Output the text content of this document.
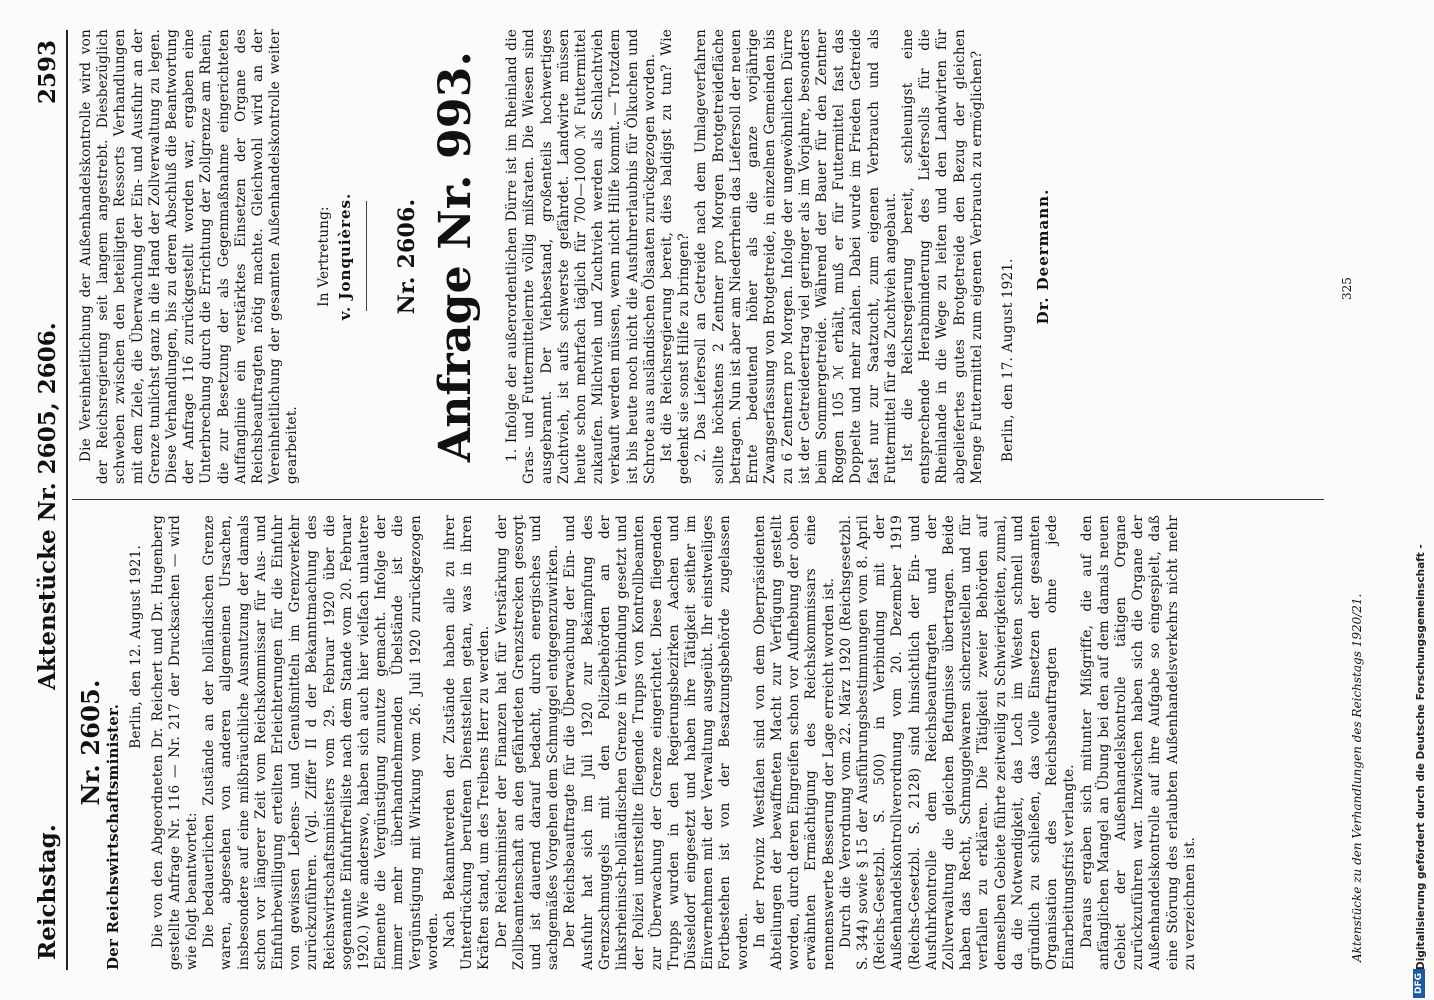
Reichstag.
Aktenstücke Nr. 2605, 2606.
2593
Nr. 2605. Der Reichswirtschaftsminister.
Berlin, den 12. August 1921. Die von den Abgeordneten Dr. Reichert und Dr. Hugenberg gestellte Anfrage Nr. 116 — Nr. 217 der Drucksachen — wird wie folgt beantwortet: Die bedauerlichen Zustände an der holländischen Grenze waren, abgesehen von anderen allgemeinen Ursachen, insbesondere auf eine mißbräuchliche Ausnutzung der damals schon vor längerer Zeit vom Reichskommissar für Aus- und Einfuhrbewilligung erteilten Erleichterungen für die Einfuhr von gewissen Lebens- und Genußmitteln im Grenzverkehr zurückzuführen. (Vgl. Ziffer II d der Bekanntmachung des Reichswirtschaftsministers vom 29. Februar 1920 über die sogenannte Einfuhrfreiliste nach dem Stande vom 20. Februar 1920.) Wie anderswo, haben sich auch hier vielfach unlautere Elemente die Vergünstigung zunutze gemacht. Infolge der immer mehr überhandnehmenden Übelstände ist die Vergünstigung mit Wirkung vom 26. Juli 1920 zurückgezogen worden. Nach Bekanntwerden der Zustände haben alle zu ihrer Unterdrückung berufenen Dienststellen getan, was in ihren Kräften stand, um des Treibens Herr zu werden. Der Reichsminister der Finanzen hat für Verstärkung der Zollbeamtenschaft an den gefährdeten Grenzstrecken gesorgt und ist dauernd darauf bedacht, durch energisches und sachgemäßes Vorgehen dem Schmuggel entgegenzuwirken. Der Reichsbeauftragte für die Überwachung der Ein- und Ausfuhr hat sich im Juli 1920 zur Bekämpfung des Grenzschmuggels mit den Polizeibehörden an der linksrheinisch-holländischen Grenze in Verbindung gesetzt und der Polizei unterstellte fliegende Trupps von Kontrollbeamten zur Überwachung der Grenze eingerichtet. Diese fliegenden Trupps wurden in den Regierungsbezirken Aachen und Düsseldorf eingesetzt und haben ihre Tätigkeit seither im Einvernehmen mit der Verwaltung ausgeübt. Ihr einstweiliges Fortbestehen ist von der Besatzungsbehörde zugelassen worden. In der Provinz Westfalen sind von dem Oberpräsidenten Abteilungen der bewaffneten Macht zur Verfügung gestellt worden, durch deren Eingreifen schon vor Aufhebung der oben erwähnten Ermächtigung des Reichskommissars eine nennenswerte Besserung der Lage erreicht worden ist. Durch die Verordnung vom 22. März 1920 (Reichsgesetzbl. S. 344) sowie § 15 der Ausführungsbestimmungen vom 8. April (Reichs-Gesetzbl. S. 500) in Verbindung mit der Außenhandelskontrollverordnung vom 20. Dezember 1919 (Reichs-Gesetzbl. S. 2128) sind hinsichtlich der Ein- und Ausfuhrkontrolle dem Reichsbeauftragten und der Zollverwaltung die gleichen Befugnisse übertragen. Beide haben das Recht, Schmuggelwaren sicherzustellen und für verfallen zu erklären. Die Tätigkeit zweier Behörden auf demselben Gebiete führte zeitweilig zu Schwierigkeiten, zumal, da die Notwendigkeit, das Loch im Westen schnell und gründlich zu schließen, das volle Einsetzen der gesamten Organisation des Reichsbeauftragten ohne jede Einarbeitungsfrist verlangte. Daraus ergaben sich mitunter Mißgriffe, die auf den anfänglichen Mangel an Übung bei den auf dem damals neuen Gebiet der Außenhandelskontrolle tätigen Organe zurückzuführen war. Inzwischen haben sich die Organe der Außenhandelskontrolle auf ihre Aufgabe so eingespielt, daß eine Störung des erlaubten Außenhandelsverkehrs nicht mehr zu verzeichnen ist.

Die Vereinheitlichung der Außenhandelskontrolle wird von der Reichsregierung seit langem angestrebt. Diesbezüglich schweben zwischen den beteiligten Ressorts Verhandlungen mit dem Ziele, die Überwachung der Ein- und Ausfuhr an der Grenze tunlichst ganz in die Hand der Zollverwaltung zu legen. Diese Verhandlungen, bis zu deren Abschluß die Beantwortung der Anfrage 116 zurückgestellt worden war, ergaben eine Unterbrechung durch die Errichtung der Zollgrenze am Rhein, die zur Besetzung der als Gegenmaßnahme eingerichteten Auffanglinie ein verstärktes Einsetzen der Organe des Reichsbeauftragten nötig machte. Gleichwohl wird an der Vereinheitlichung der gesamten Außenhandelskontrolle weiter gearbeitet.

In Vertretung: v. Jonquières. Nr. 2606. Anfrage Nr. 993. 1. Infolge der außerordentlichen Dürre ist im Rheinland die Gras- und Futtermittelernte völlig mißraten. Die Wiesen sind ausgebrannt. Der Viehbestand, großenteils hochwertiges Zuchtvieh, ist aufs schwerste gefährdet. Landwirte müssen heute schon mehrfach täglich für 700—1000 ℳ Futtermittel zukaufen. Milchvieh und Zuchtvieh werden als Schlachtvieh verkauft werden müssen, wenn nicht Hilfe kommt. — Trotzdem ist bis heute noch nicht die Ausfuhrerlaubnis für Ölkuchen und Schrote aus ausländischen Ölsaaten zurückgezogen worden. Ist die Reichsregierung bereit, dies baldigst zu tun? Wie gedenkt sie sonst Hilfe zu bringen? 2. Das Liefersoll an Getreide nach dem Umlageverfahren sollte höchstens 2 Zentner pro Morgen Brotgetreidefläche betragen. Nun ist aber am Niederrhein das Liefersoll der neuen Ernte bedeutend höher als die ganze vorjährige Zwangserfassung von Brotgetreide, in einzelnen Gemeinden bis zu 6 Zentnern pro Morgen. Infolge der ungewöhnlichen Dürre ist der Getreideertrag viel geringer als im Vorjahre, besonders beim Sommergetreide. Während der Bauer für den Zentner Roggen 105 ℳ erhält, muß er für Futtermittel fast das Doppelte und mehr zahlen. Dabei wurde im Frieden Getreide fast nur zur Saatzucht, zum eigenen Verbrauch und als Futtermittel für das Zuchtvieh angebaut. Ist die Reichsregierung bereit, schleunigst eine entsprechende Herabminderung des Liefersolls für die Rheinlande in die Wege zu leiten und den Landwirten für abgeliefertes gutes Brotgetreide den Bezug der gleichen Menge Futtermittel zum eigenen Verbrauch zu ermöglichen? Berlin, den 17. August 1921.

Dr. Deermann.
Aktenstücke zu den Verhandlungen des Reichstags 1920/21.
325
DFG
Digitalisierung gefördert durch die Deutsche Forschungsgemeinschaft -
